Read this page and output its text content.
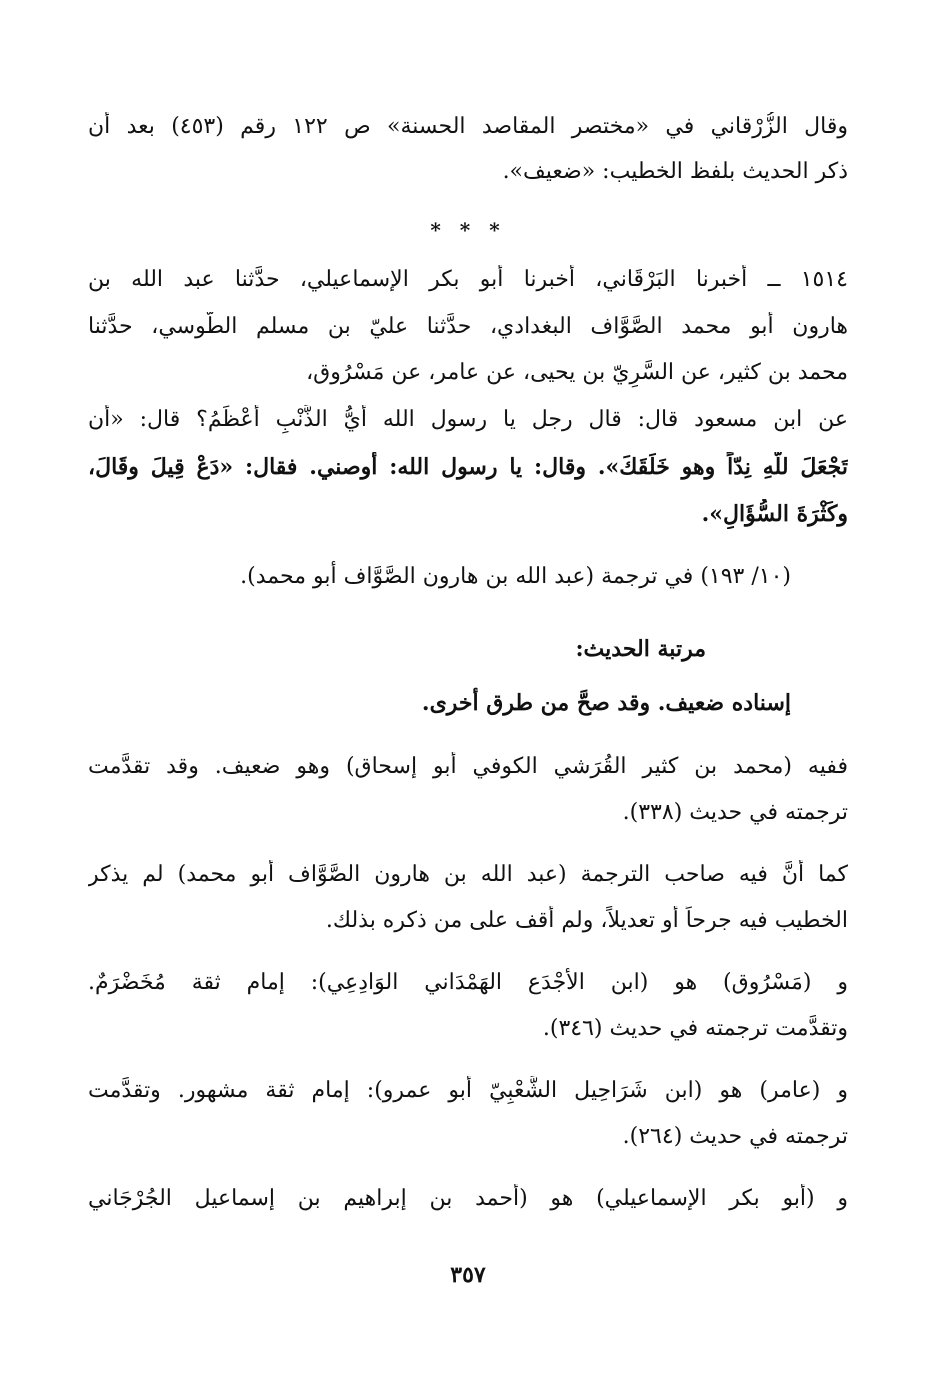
وقال الزُّرْقاني في «مختصر المقاصد الحسنة» ص ١٢٢ رقم (٤٥٣) بعد أن
ذكر الحديث بلفظ الخطيب: «ضعيف».
* * *
١٥١٤ ــ أخبرنا البَرْقَاني، أخبرنا أبو بكر الإسماعيلي، حدَّثنا عبد الله بن
هارون أبو محمد الصَّوَّاف البغدادي، حدَّثنا عليّ بن مسلم الطُّوسي، حدَّثنا
محمد بن كثير، عن السَّرِيّ بن يحيى، عن عامر، عن مَسْرُوق،
عن ابن مسعود قال: قال رجل يا رسول الله أيُّ الذَّنْبِ أَعْظَمُ؟ قال: «أن
تَجْعَلَ للَّهِ نِدّاً وهو خَلَقَكَ». وقال: يا رسول الله: أوصني. فقال: «دَعْ قِيلَ وقَالَ،
وكَثْرَةَ السُّؤَالِ».
(١٠/ ١٩٣) في ترجمة (عبد الله بن هارون الصَّوَّاف أبو محمد).
مرتبة الحديث:
إسناده ضعيف. وقد صحَّ من طرق أخرى.
ففيه (محمد بن كثير القُرَشي الكوفي أبو إسحاق) وهو ضعيف. وقد تقدَّمت
ترجمته في حديث (٣٣٨).
كما أنَّ فيه صاحب الترجمة (عبد الله بن هارون الصَّوَّاف أبو محمد) لم يذكر
الخطيب فيه جرحاً أو تعديلاً، ولم أقف على من ذكره بذلك.
و (مَسْرُوق) هو (ابن الأَجْدَع الهَمْدَاني الوَادِعِي): إمام ثقة مُخَضْرَمٌ.
وتقدَّمت ترجمته في حديث (٣٤٦).
و (عامر) هو (ابن شَرَاحِيل الشَّعْبِيّ أبو عمرو): إمام ثقة مشهور. وتقدَّمت
ترجمته في حديث (٢٦٤).
و (أبو بكر الإسماعيلي) هو (أحمد بن إبراهيم بن إسماعيل الجُرْجَاني
٣٥٧
